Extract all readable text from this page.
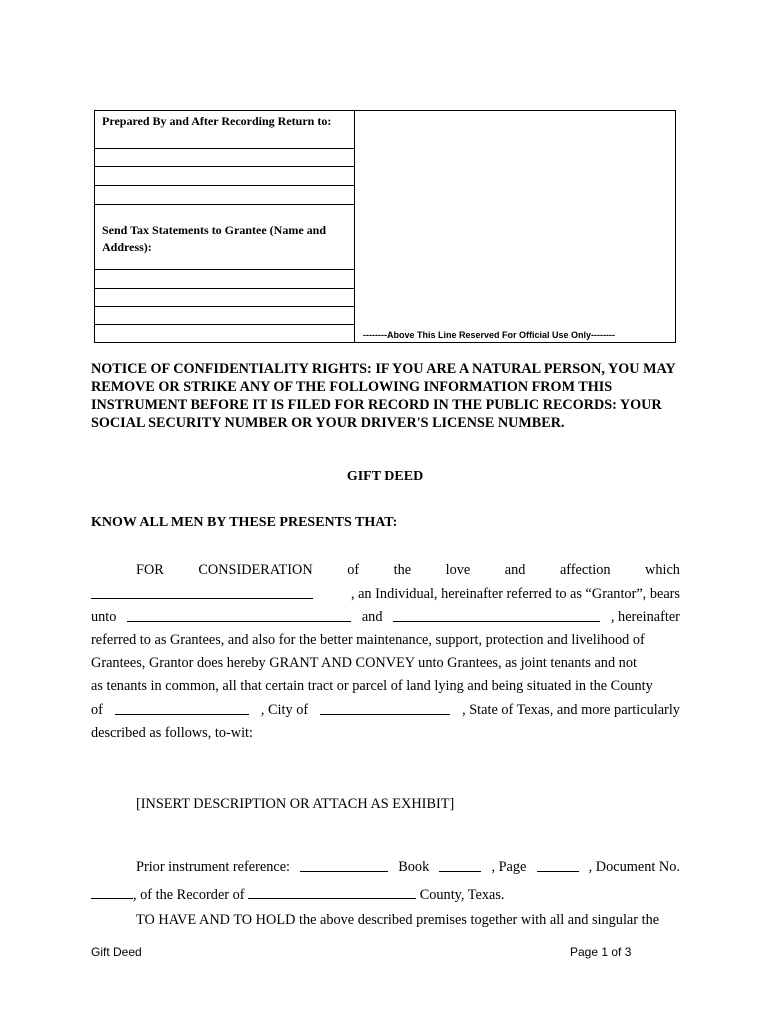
Prepared By and After Recording Return to:
Send Tax Statements to Grantee (Name and Address):
--------Above This Line Reserved For Official Use Only--------
NOTICE OF CONFIDENTIALITY RIGHTS: IF YOU ARE A NATURAL PERSON, YOU MAY REMOVE OR STRIKE ANY OF THE FOLLOWING INFORMATION FROM THIS INSTRUMENT BEFORE IT IS FILED FOR RECORD IN THE PUBLIC RECORDS: YOUR SOCIAL SECURITY NUMBER OR YOUR DRIVER'S LICENSE NUMBER.
GIFT DEED
KNOW ALL MEN BY THESE PRESENTS THAT:
FOR CONSIDERATION of the love and affection which
, an Individual, hereinafter referred to as “Grantor”, bears
unto	and	, hereinafter
referred to as Grantees, and also for the better maintenance, support, protection and livelihood of
Grantees, Grantor does hereby GRANT AND CONVEY unto Grantees, as joint tenants and not
as tenants in common, all that certain tract or parcel of land lying and being situated in the County
of	, City of	, State of Texas, and more particularly
described as follows, to-wit:
[INSERT DESCRIPTION OR ATTACH AS EXHIBIT]
Prior instrument reference:	Book	, Page	, Document No.
, of the Recorder of	County, Texas.
TO HAVE AND TO HOLD the above described premises together with all and singular the
Gift Deed	Page 1 of 3
